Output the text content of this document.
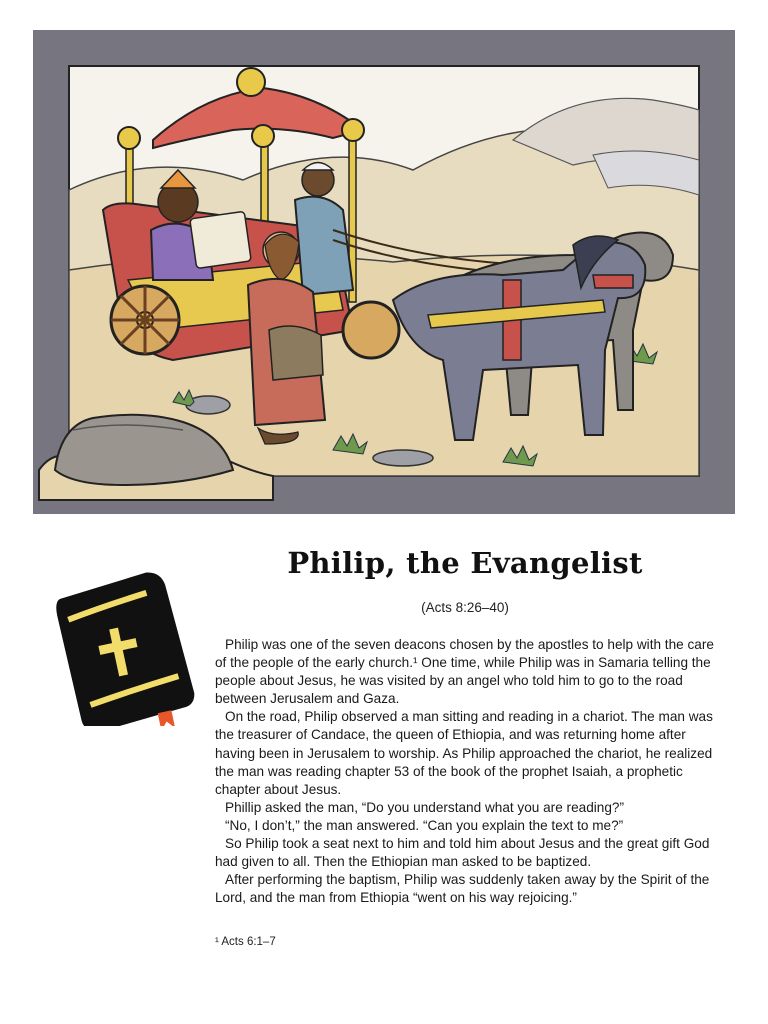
Philip, the Evangelist
(Acts 8:26–40)

Philip was one of the seven deacons chosen by the apostles to help with the care of the people of the early church.¹ One time, while Philip was in Samaria telling the people about Jesus, he was visited by an angel who told him to go to the road between Jerusalem and Gaza.

On the road, Philip observed a man sitting and reading in a chariot. The man was the treasurer of Candace, the queen of Ethiopia, and was returning home after having been in Jerusalem to worship. As Philip approached the chariot, he realized the man was reading chapter 53 of the book of the prophet Isaiah, a prophetic chapter about Jesus.

Phillip asked the man, “Do you understand what you are reading?”

“No, I don’t,” the man answered. “Can you explain the text to me?”

So Philip took a seat next to him and told him about Jesus and the great gift God had given to all. Then the Ethiopian man asked to be baptized.

After performing the baptism, Philip was suddenly taken away by the Spirit of the Lord, and the man from Ethiopia “went on his way rejoicing.”

¹ Acts 6:1–7
